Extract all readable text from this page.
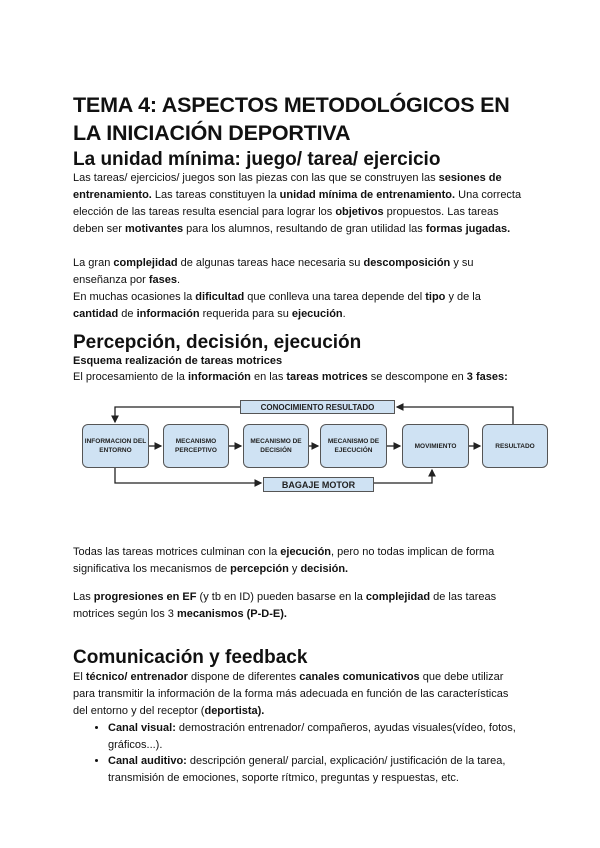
TEMA 4: ASPECTOS METODOLÓGICOS EN LA INICIACIÓN DEPORTIVA
La unidad mínima: juego/ tarea/ ejercicio
Las tareas/ ejercicios/ juegos son las piezas con las que se construyen las sesiones de entrenamiento. Las tareas constituyen la unidad mínima de entrenamiento. Una correcta elección de las tareas resulta esencial para lograr los objetivos propuestos. Las tareas deben ser motivantes para los alumnos, resultando de gran utilidad las formas jugadas.
La gran complejidad de algunas tareas hace necesaria su descomposición y su enseñanza por fases.
En muchas ocasiones la dificultad que conlleva una tarea depende del tipo y de la cantidad de información requerida para su ejecución.
Percepción, decisión, ejecución
Esquema realización de tareas motrices
El procesamiento de la información en las tareas motrices se descompone en 3 fases:
CONOCIMIENTO RESULTADO
INFORMACION DEL ENTORNO
MECANISMO PERCEPTIVO
MECANISMO DE DECISIÓN
MECANISMO DE EJECUCIÓN
MOVIMIENTO	RESULTADO
BAGAJE MOTOR
Todas las tareas motrices culminan con la ejecución, pero no todas implican de forma significativa los mecanismos de percepción y decisión.
Las progresiones en EF (y tb en ID) pueden basarse en la complejidad de las tareas motrices según los 3 mecanismos (P-D-E).
Comunicación y feedback
El técnico/ entrenador dispone de diferentes canales comunicativos que debe utilizar para transmitir la información de la forma más adecuada en función de las características del entorno y del receptor (deportista).
• Canal visual: demostración entrenador/ compañeros, ayudas visuales(vídeo, fotos, gráficos...).
• Canal auditivo: descripción general/ parcial, explicación/ justificación de la tarea, transmisión de emociones, soporte rítmico, preguntas y respuestas, etc.
